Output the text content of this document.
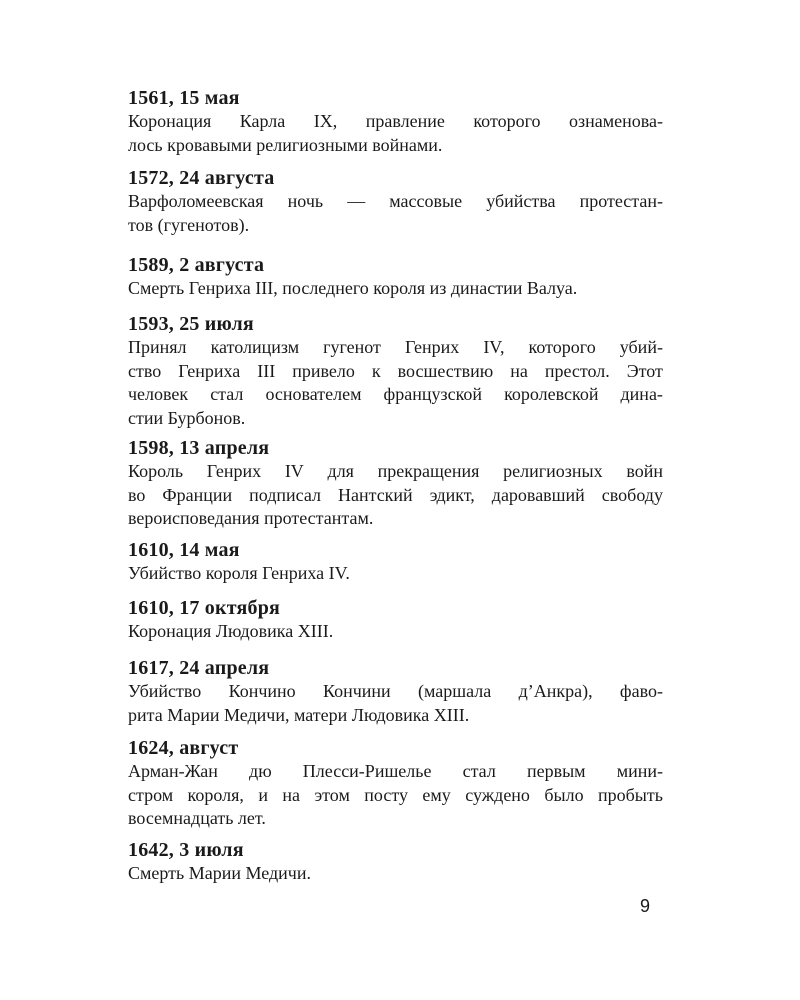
1561, 15 мая
Коронация Карла IX, правление которого ознаменова-
лось кровавыми религиозными войнами.
1572, 24 августа
Варфоломеевская ночь — массовые убийства протестан-
тов (гугенотов).
1589, 2 августа
Смерть Генриха III, последнего короля из династии Валуа.
1593, 25 июля
Принял католицизм гугенот Генрих IV, которого убий-
ство Генриха III привело к восшествию на престол. Этот
человек стал основателем французской королевской дина-
стии Бурбонов.
1598, 13 апреля
Король Генрих IV для прекращения религиозных войн
во Франции подписал Нантский эдикт, даровавший свободу
вероисповедания протестантам.
1610, 14 мая
Убийство короля Генриха IV.
1610, 17 октября
Коронация Людовика XIII.
1617, 24 апреля
Убийство Кончино Кончини (маршала д’Анкра), фаво-
рита Марии Медичи, матери Людовика XIII.
1624, август
Арман-Жан дю Плесси-Ришелье стал первым мини-
стром короля, и на этом посту ему суждено было пробыть
восемнадцать лет.
1642, 3 июля
Смерть Марии Медичи.
9
